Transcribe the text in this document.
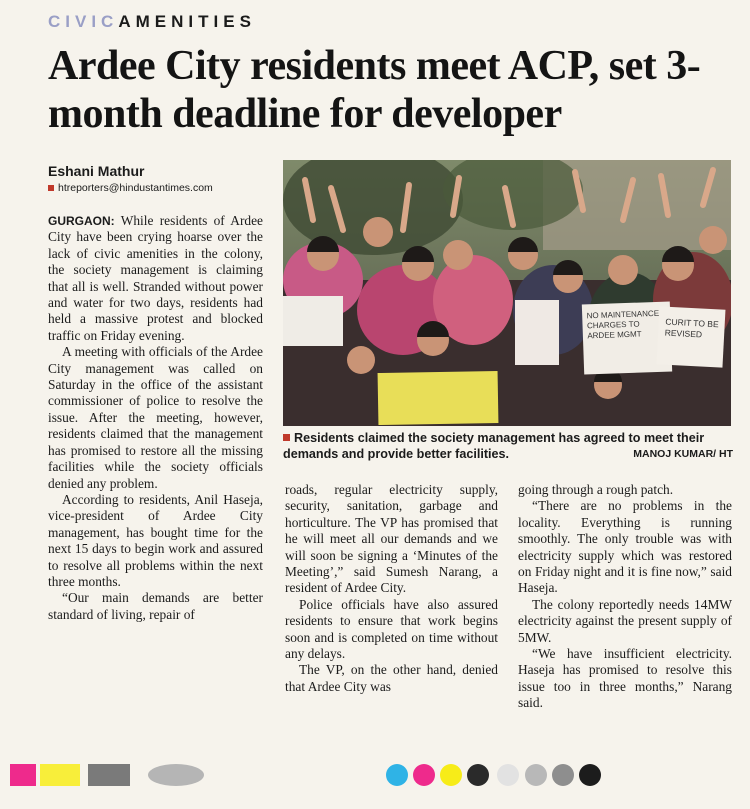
CIVICAMENITIES
Ardee City residents meet ACP, set 3-month deadline for developer
Eshani Mathur
htreporters@hindustantimes.com
NO MAINTENANCE CHARGES TO ARDEE MGMT
CURIT TO BE REVISED
Residents claimed the society management has agreed to meet their demands and provide better facilities.	MANOJ KUMAR/ HT

GURGAON: While residents of Ardee City have been crying hoarse over the lack of civic amenities in the colony, the society management is claiming that all is well. Stranded without power and water for two days, residents had held a massive protest and blocked traffic on Friday evening.

A meeting with officials of the Ardee City management was called on Saturday in the office of the assistant commissioner of police to resolve the issue. After the meeting, however, residents claimed that the management has promised to restore all the missing facilities while the society officials denied any problem.

According to residents, Anil Haseja, vice-president of Ardee City management, has bought time for the next 15 days to begin work and assured to resolve all problems within the next three months.

“Our main demands are better standard of living, repair of

roads, regular electricity supply, security, sanitation, garbage and horticulture. The VP has promised that he will meet all our demands and we will soon be signing a ‘Minutes of the Meeting’,” said Sumesh Narang, a resident of Ardee City.

Police officials have also assured residents to ensure that work begins soon and is completed on time without any delays.

The VP, on the other hand, denied that Ardee City was

going through a rough patch.

“There are no problems in the locality. Everything is running smoothly. The only trouble was with electricity supply which was restored on Friday night and it is fine now,” said Haseja.

The colony reportedly needs 14MW electricity against the present supply of 5MW.

“We have insufficient electricity. Haseja has promised to resolve this issue too in three months,” Narang said.
